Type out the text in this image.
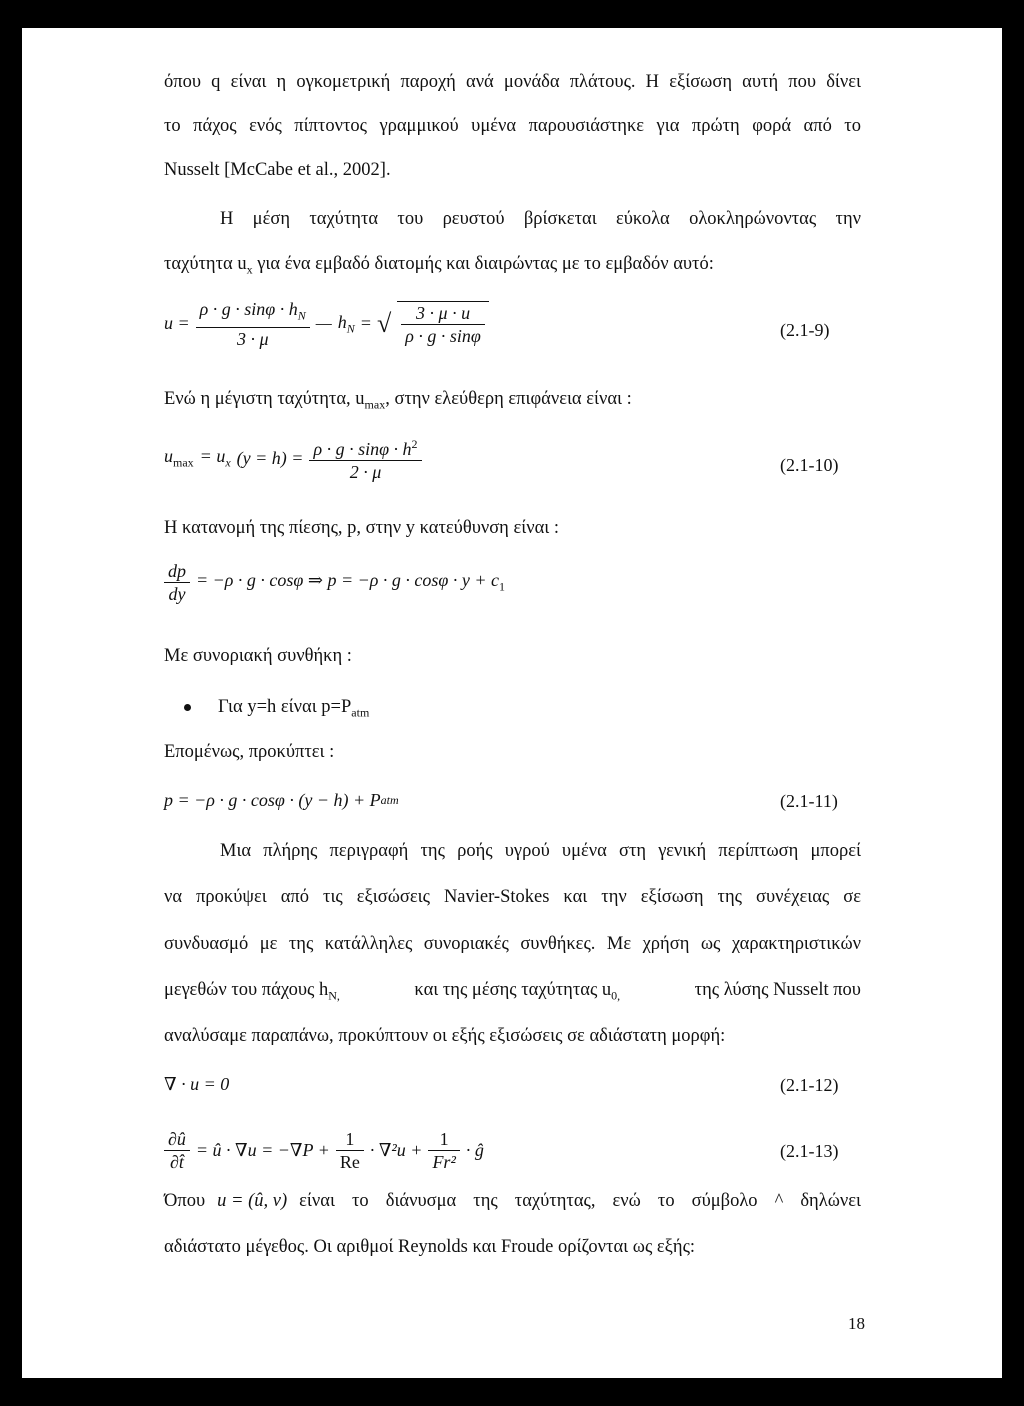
όπου q είναι η ογκομετρική παροχή ανά μονάδα πλάτους. Η εξίσωση αυτή που δίνει
το πάχος ενός πίπτοντος γραμμικού υμένα παρουσιάστηκε για πρώτη φορά από το
Nusselt [McCabe et al., 2002].
Η μέση ταχύτητα του ρευστού βρίσκεται εύκολα ολοκληρώνοντας την
ταχύτητα $u_x$ για ένα εμβαδό διατομής και διαιρώντας με το εμβαδόν αυτό:
$u = \frac{\rho \cdot g \cdot \sin\varphi \cdot h_N}{3 \cdot \mu}$ — $h_N$ = √ $\frac{3 \cdot \mu \cdot u}{\rho \cdot g \cdot \sin\varphi}$	(2.1-9)
Ενώ η μέγιστη ταχύτητα, $u_{max}$, στην ελεύθερη επιφάνεια είναι :
$u_{max} = u_x$ $(y = h) = \frac{\rho \cdot g \cdot \sin\varphi \cdot h^2}{2 \cdot \mu}$	(2.1-10)
Η κατανομή της πίεσης, p, στην y κατεύθυνση είναι :
$\frac{dp}{dy} = -\rho \cdot g \cdot \cos\varphi$ ⇒ $p = -\rho \cdot g \cdot \cos\varphi \cdot y + c_1$
Με συνοριακή συνθήκη :
Για y=h είναι $p=P_{atm}$
Επομένως, προκύπτει :
p = −ρ · g · cosφ · (y − h) + P atm	(2.1-11)
Μια πλήρης περιγραφή της ροής υγρού υμένα στη γενική περίπτωση μπορεί
να προκύψει από τις εξισώσεις Navier-Stokes και την εξίσωση της συνέχειας σε
συνδυασμό με της κατάλληλες συνοριακές συνθήκες. Με χρήση ως χαρακτηριστικών
μεγεθών του πάχους $h_{N,}$	και της μέσης ταχύτητας $u_{0,}$	της λύσης Nusselt που
αναλύσαμε παραπάνω, προκύπτουν οι εξής εξισώσεις σε αδιάστατη μορφή:
∇ · u = 0	(2.1-12)
$\frac{\partial û}{\partial t̂}$ = û · $\nabla u = -\nabla P + \frac{1}{Re} \cdot \nabla^2u + \frac{1}{\text{Fr²}}$ · ĝ	(2.1-13)
Όπου u = (û, v) είναι το διάνυσμα της ταχύτητας, ενώ το σύμβολο ^ δηλώνει
αδιάστατο μέγεθος. Οι αριθμοί Reynolds και Froude ορίζονται ως εξής:
18
